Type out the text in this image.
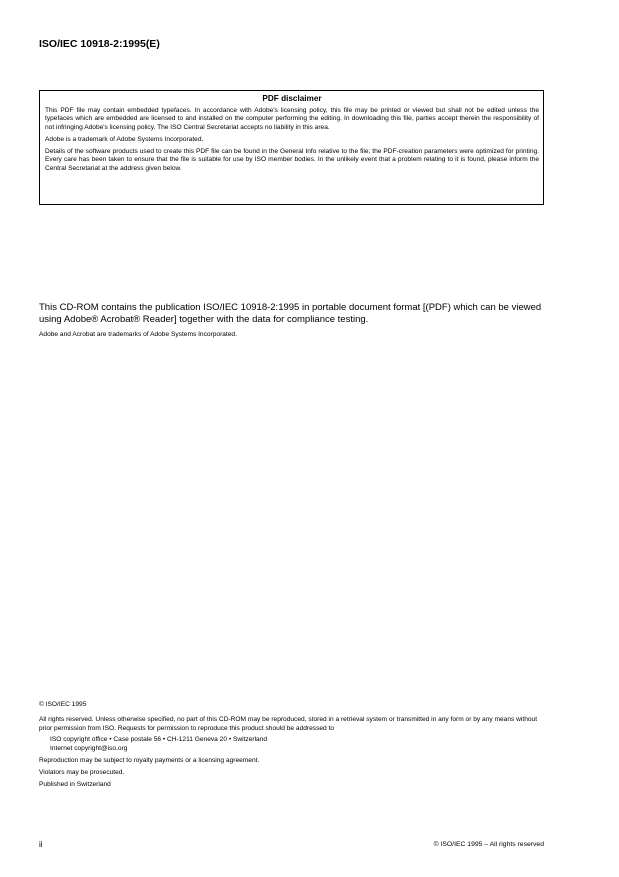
ISO/IEC 10918-2:1995(E)
PDF disclaimer

This PDF file may contain embedded typefaces. In accordance with Adobe's licensing policy, this file may be printed or viewed but shall not be edited unless the typefaces which are embedded are licensed to and installed on the computer performing the editing. In downloading this file, parties accept therein the responsibility of not infringing Adobe's licensing policy. The ISO Central Secretariat accepts no liability in this area.

Adobe is a trademark of Adobe Systems Incorporated.

Details of the software products used to create this PDF file can be found in the General Info relative to the file; the PDF-creation parameters were optimized for printing. Every care has been taken to ensure that the file is suitable for use by ISO member bodies. In the unlikely event that a problem relating to it is found, please inform the Central Secretariat at the address given below.

This CD-ROM contains the publication ISO/IEC 10918-2:1995 in portable document format [(PDF) which can be viewed using Adobe® Acrobat® Reader] together with the data for compliance testing.

Adobe and Acrobat are trademarks of Adobe Systems Incorporated.

© ISO/IEC 1995

All rights reserved. Unless otherwise specified, no part of this CD-ROM may be reproduced, stored in a retrieval system or transmitted in any form or by any means without prior permission from ISO. Requests for permission to reproduce this product should be addressed to

ISO copyright office • Case postale 56 • CH-1211 Geneva 20 • Switzerland
Internet copyright@iso.org

Reproduction may be subject to royalty payments or a licensing agreement.

Violators may be prosecuted.

Published in Switzerland

ii	© ISO/IEC 1995 – All rights reserved
